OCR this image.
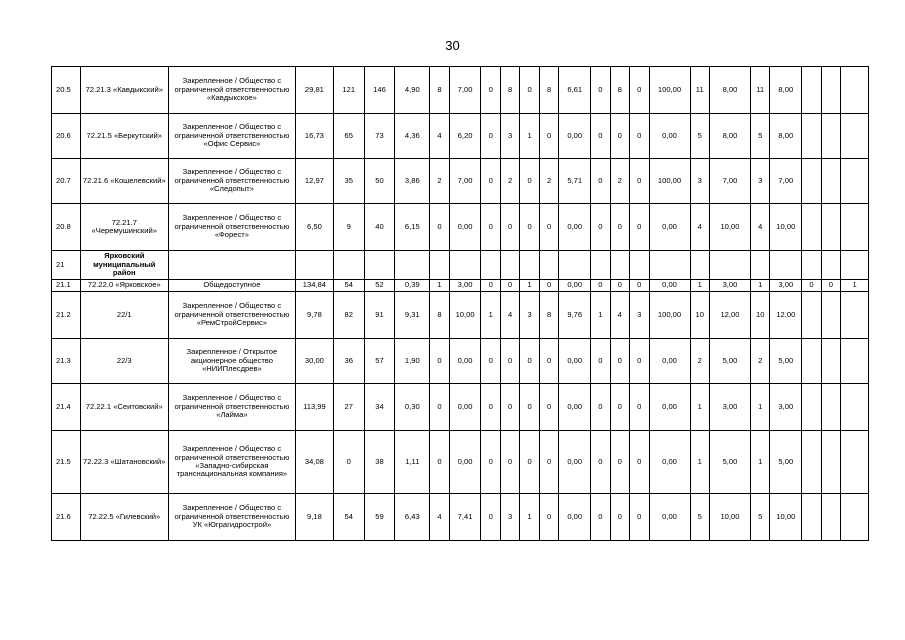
30
20.5	72.21.3 «Кавдыкский»	Закрепленное / Общество с ограниченной ответственностью «Кавдыкское»	29,81	121	146	4,90	8	7,00	0	8	0	8	6,61	0	8	0	100,00	11	8,00	11	8,00			
20.6	72.21.5 «Беркутский»	Закрепленное / Общество с ограниченной ответственностью «Офис Сервис»	16,73	65	73	4,36	4	6,20	0	3	1	0	0,00	0	0	0	0,00	5	8,00	5	8,00			
20.7	72.21.6 «Кошелевский»	Закрепленное / Общество с ограниченной ответственностью «Следопыт»	12,97	35	50	3,86	2	7,00	0	2	0	2	5,71	0	2	0	100,00	3	7,00	3	7,00			
20.8	72.21.7 «Черемушинский»	Закрепленное / Общество с ограниченной ответственностью «Форест»	6,50	9	40	6,15	0	0,00	0	0	0	0	0,00	0	0	0	0,00	4	10,00	4	10,00			
21	Ярковский муниципальный район																							
21.1	72.22.0 «Ярковское»	Общедоступное	134,84	54	52	0,39	1	3,00	0	0	1	0	0,00	0	0	0	0,00	1	3,00	1	3,00	0	0	1
21.2	22/1	Закрепленное / Общество с ограниченной ответственностью «РемСтройСервис»	9,78	82	91	9,31	8	10,00	1	4	3	8	9,76	1	4	3	100,00	10	12,00	10	12,00			
21.3	22/3	Закрепленное / Открытое акционерное общество «НИИПлесдрев»	30,00	36	57	1,90	0	0,00	0	0	0	0	0,00	0	0	0	0,00	2	5,00	2	5,00			
21.4	72.22.1 «Сеитовский»	Закрепленное / Общество с ограниченной ответственностью «Лайма»	113,99	27	34	0,30	0	0,00	0	0	0	0	0,00	0	0	0	0,00	1	3,00	1	3,00			
21.5	72.22.3 «Шатановский»	Закрепленное / Общество с ограниченной ответственностью «Западно-сибирская транснациональная компания»	34,08	0	38	1,11	0	0,00	0	0	0	0	0,00	0	0	0	0,00	1	5,00	1	5,00			
21.6	72.22.5 «Гилевский»	Закрепленное / Общество с ограниченной ответственностью УК «Юграгидрострой»	9,18	54	59	6,43	4	7,41	0	3	1	0	0,00	0	0	0	0,00	5	10,00	5	10,00			
